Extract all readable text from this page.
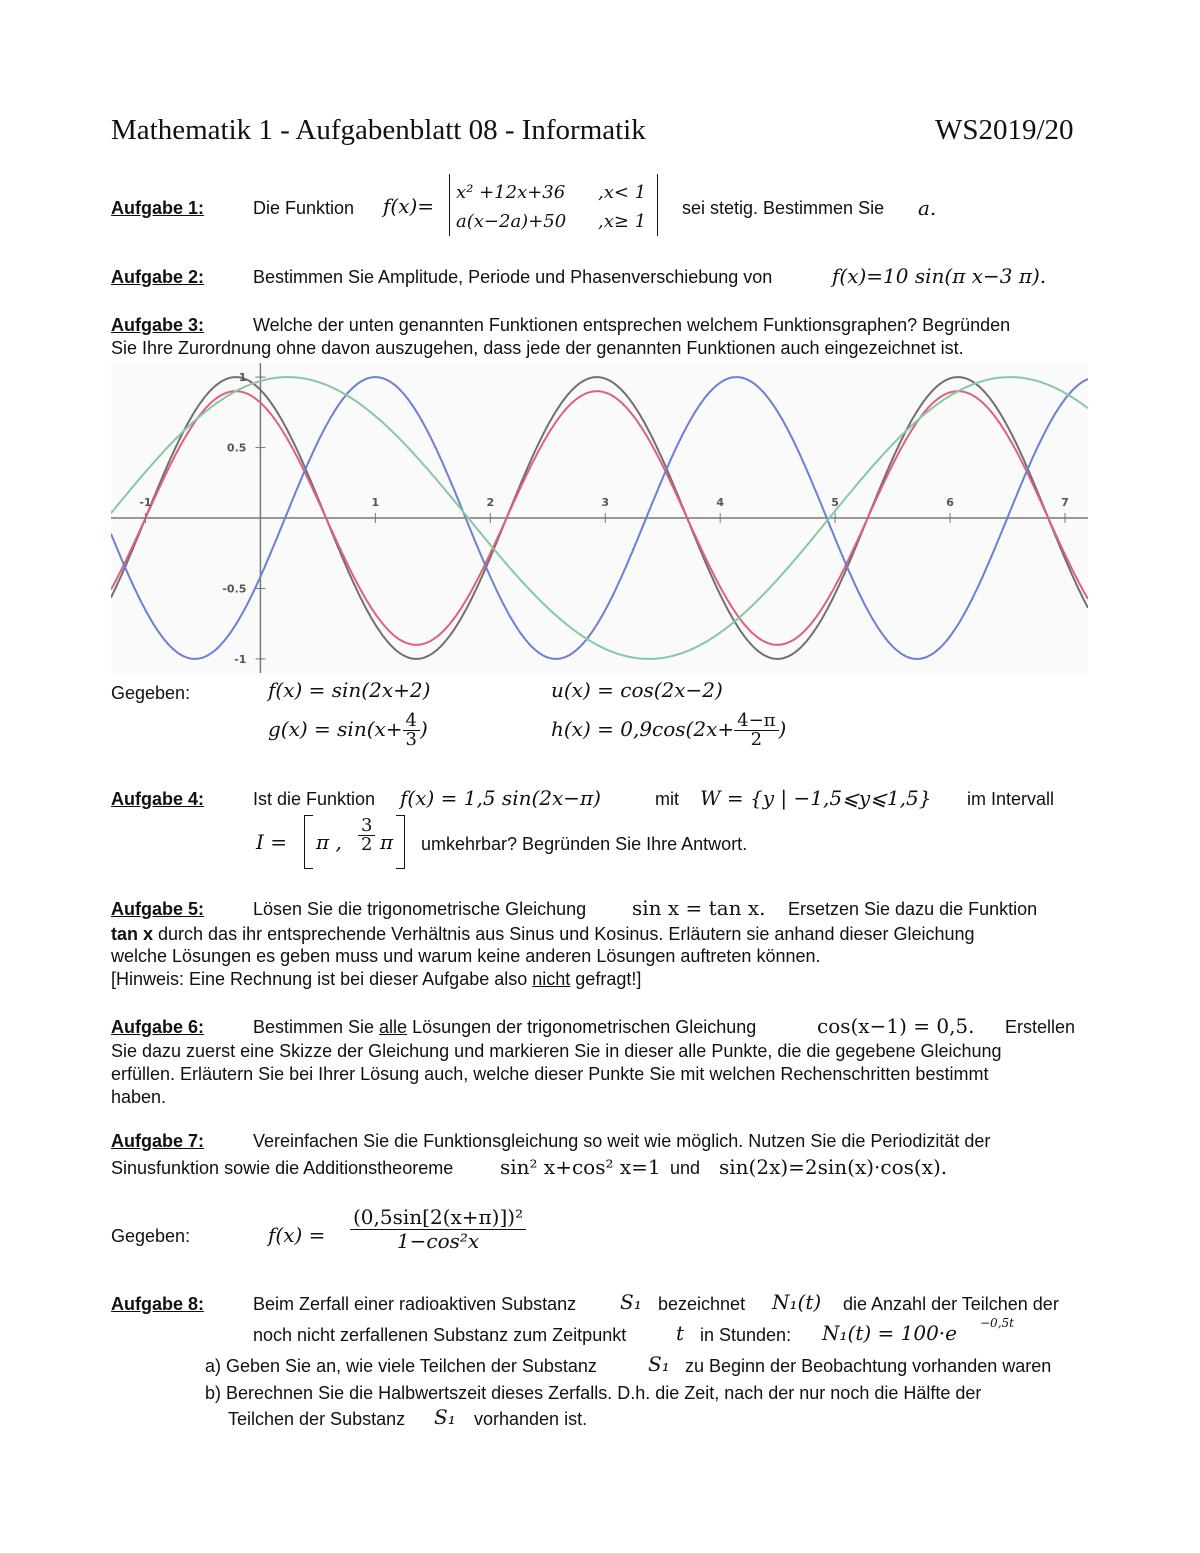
Mathematik 1 - Aufgabenblatt 08 - Informatik	WS2019/20
Aufgabe 1:	Die Funktion f(x)=
x² +12x+36 ,x< 1
a(x−2a)+50 ,x≥ 1
sei stetig. Bestimmen Sie a.
Aufgabe 2:	Bestimmen Sie Amplitude, Periode und Phasenverschiebung von	f(x)=10 sin(π x−3 π).
Aufgabe 3:	Welche der unten genannten Funktionen entsprechen welchem Funktionsgraphen? Begründen
Sie Ihre Zurordnung ohne davon auszugehen, dass jede der genannten Funktionen auch eingezeichnet ist.
-1	1	2	3	4	5	6	7
1
0.5
-0.5
-1
Gegeben:	f(x) = sin(2x+2)	u(x) = cos(2x−2)
$g(x) = \sin(x+ \frac{4}{3}$ )	$h(x) = 0,9\cos(2x+ \frac{4-\pi}{2}$ )
Aufgabe 4:	Ist die Funktion f(x) = 1,5 sin(2x−π)	mit W = {y | −1,5⩽y⩽1,5} im Intervall
I = π , $\frac{3}{2}$ π umkehrbar? Begründen Sie Ihre Antwort.
Aufgabe 5:	Lösen Sie die trigonometrische Gleichung sin x = tan x. Ersetzen Sie dazu die Funktion
tan x durch das ihr entsprechende Verhältnis aus Sinus und Kosinus. Erläutern sie anhand dieser Gleichung
welche Lösungen es geben muss und warum keine anderen Lösungen auftreten können.
[Hinweis: Eine Rechnung ist bei dieser Aufgabe also nicht gefragt!]
Aufgabe 6:	Bestimmen Sie alle Lösungen der trigonometrischen Gleichung	cos(x−1) = 0,5. Erstellen
Sie dazu zuerst eine Skizze der Gleichung und markieren Sie in dieser alle Punkte, die die gegebene Gleichung
erfüllen. Erläutern Sie bei Ihrer Lösung auch, welche dieser Punkte Sie mit welchen Rechenschritten bestimmt
haben.
Aufgabe 7:	Vereinfachen Sie die Funktionsgleichung so weit wie möglich. Nutzen Sie die Periodizität der
Sinusfunktion sowie die Additionstheoreme sin² x+cos² x=1 und sin(2x)=2sin(x)·cos(x).
Gegeben:	$f(x) = \frac{\text{(0,5sin[2(x+π)])²}}{\text{1−cos²x}}$
Aufgabe 8:	Beim Zerfall einer radioaktiven Substanz S₁ bezeichnet N₁(t) die Anzahl der Teilchen der
noch nicht zerfallenen Substanz zum Zeitpunkt t in Stunden: N₁(t) = 100·e −0,5t
a) Geben Sie an, wie viele Teilchen der Substanz	S₁ zu Beginn der Beobachtung vorhanden waren
b) Berechnen Sie die Halbwertszeit dieses Zerfalls. D.h. die Zeit, nach der nur noch die Hälfte der
Teilchen der Substanz S₁ vorhanden ist.
